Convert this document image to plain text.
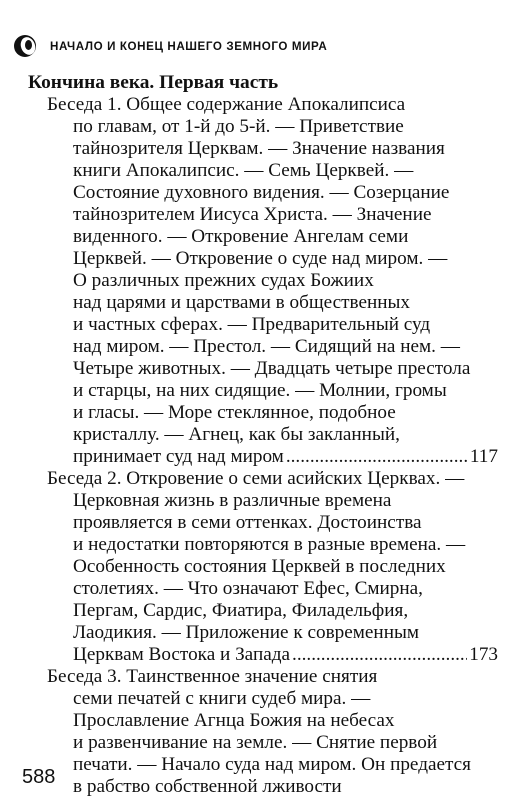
НАЧАЛО И КОНЕЦ НАШЕГО ЗЕМНОГО МИРА
Кончина века. Первая часть
Беседа 1. Общее содержание Апокалипсиса
по главам, от 1-й до 5-й. — Приветствие
тайнозрителя Церквам. — Значение названия
книги Апокалипсис. — Семь Церквей. —
Состояние духовного видения. — Созерцание
тайнозрителем Иисуса Христа. — Значение
виденного. — Откровение Ангелам семи
Церквей. — Откровение о суде над миром. —
О различных прежних судах Божиих
над царями и царствами в общественных
и частных сферах. — Предварительный суд
над миром. — Престол. — Сидящий на нем. —
Четыре животных. — Двадцать четыре престола
и старцы, на них сидящие. — Молнии, громы
и гласы. — Море стеклянное, подобное
кристаллу. — Агнец, как бы закланный,
принимает суд над миром .....	117
Беседа 2. Откровение о семи асийских Церквах. —
Церковная жизнь в различные времена
проявляется в семи оттенках. Достоинства
и недостатки повторяются в разные времена. —
Особенность состояния Церквей в последних
столетиях. — Что означают Ефес, Смирна,
Пергам, Сардис, Фиатира, Филадельфия,
Лаодикия. — Приложение к современным
Церквам Востока и Запада .....	173
Беседа 3. Таинственное значение снятия
семи печатей с книги судеб мира. —
Прославление Агнца Божия на небесах
и развенчивание на земле. — Снятие первой
печати. — Начало суда над миром. Он предается
в рабство собственной лживости
588
